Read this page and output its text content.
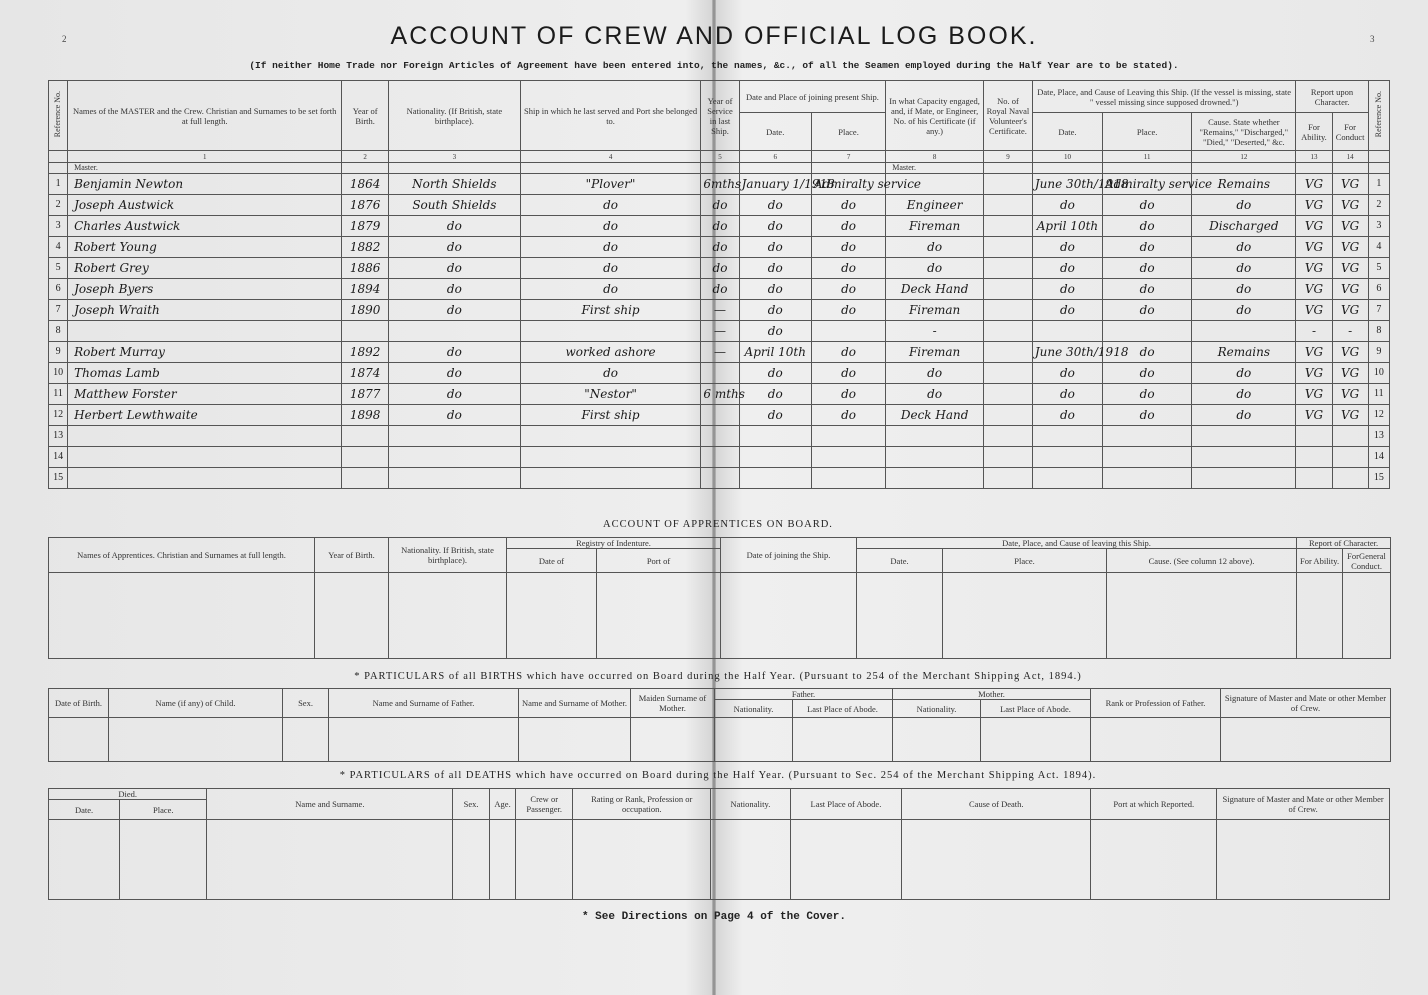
2	3
ACCOUNT OF CREW AND OFFICIAL LOG BOOK.
(If neither Home Trade nor Foreign Articles of Agreement have been entered into, the names, &c., of all the Seamen employed during the Half Year are to be stated).
Reference No.	Names of the MASTER and the Crew. Christian and Surnames to be set forth at full length.	Year of Birth.	Nationality. (If British, state birthplace).	Ship in which he last served and Port she belonged to.	Year of Service in last Ship.	Date and Place of joining present Ship.		In what Capacity engaged, and, if Mate, or Engineer, No. of his Certificate (if any.)	No. of Royal Naval Volunteer's Certificate.	Date, Place, and Cause of Leaving this Ship. (If the vessel is missing, state " vessel missing since supposed drowned.")			Report upon Character.		Reference No.
						Date.	Place.			Date.	Place.	Cause. State whether "Remains," "Discharged," "Died," "Deserted," &c.	For Ability.	For Conduct	
	1	2	3	4	5	6	7	8	9	10	11	12	13	14	
	Master.							Master.							
1	Benjamin Newton	1864	North Shields	"Plover"	6mths	January 1/1918	Admiralty service			June 30th/1918	Admiralty service	Remains	VG	VG	1
2	Joseph Austwick	1876	South Shields	do	do	do	do	Engineer		do	do	do	VG	VG	2
3	Charles Austwick	1879	do	do	do	do	do	Fireman		April 10th	do	Discharged	VG	VG	3
4	Robert Young	1882	do	do	do	do	do	do		do	do	do	VG	VG	4
5	Robert Grey	1886	do	do	do	do	do	do		do	do	do	VG	VG	5
6	Joseph Byers	1894	do	do	do	do	do	Deck Hand		do	do	do	VG	VG	6
7	Joseph Wraith	1890	do	First ship	—	do	do	Fireman		do	do	do	VG	VG	7
8					—	do		-					-	-	8
9	Robert Murray	1892	do	worked ashore	—	April 10th	do	Fireman		June 30th/1918	do	Remains	VG	VG	9
10	Thomas Lamb	1874	do	do		do	do	do		do	do	do	VG	VG	10
11	Matthew Forster	1877	do	"Nestor"	6 mths	do	do	do		do	do	do	VG	VG	11
12	Herbert Lewthwaite	1898	do	First ship		do	do	Deck Hand		do	do	do	VG	VG	12
13															13
14															14
15															15
ACCOUNT OF APPRENTICES ON BOARD.
Names of Apprentices. Christian and Surnames at full length.	Year of Birth.	Nationality. If British, state birthplace).	Registry of Indenture.		Date of joining the Ship.	Date, Place, and Cause of leaving this Ship.			Report of Character.	
			Date of	Port of		Date.	Place.	Cause. (See column 12 above).	For Ability.	ForGeneral Conduct.

* PARTICULARS of all BIRTHS which have occurred on Board during the Half Year. (Pursuant to 254 of the Merchant Shipping Act, 1894.)
Date of Birth.	Name (if any) of Child.	Sex.	Name and Surname of Father.	Name and Surname of Mother.	Maiden Surname of Mother.	Father.		Mother.		Rank or Profession of Father.	Signature of Master and Mate or other Member of Crew.
						Nationality.	Last Place of Abode.	Nationality.	Last Place of Abode.		

* PARTICULARS of all DEATHS which have occurred on Board during the Half Year. (Pursuant to Sec. 254 of the Merchant Shipping Act. 1894).
Died.		Name and Surname.	Sex.	Age.	Crew or Passenger.	Rating or Rank, Profession or occupation.	Nationality.	Last Place of Abode.	Cause of Death.	Port at which Reported.	Signature of Master and Mate or other Member of Crew.
Date.	Place.										

* See Directions on Page 4 of the Cover.
